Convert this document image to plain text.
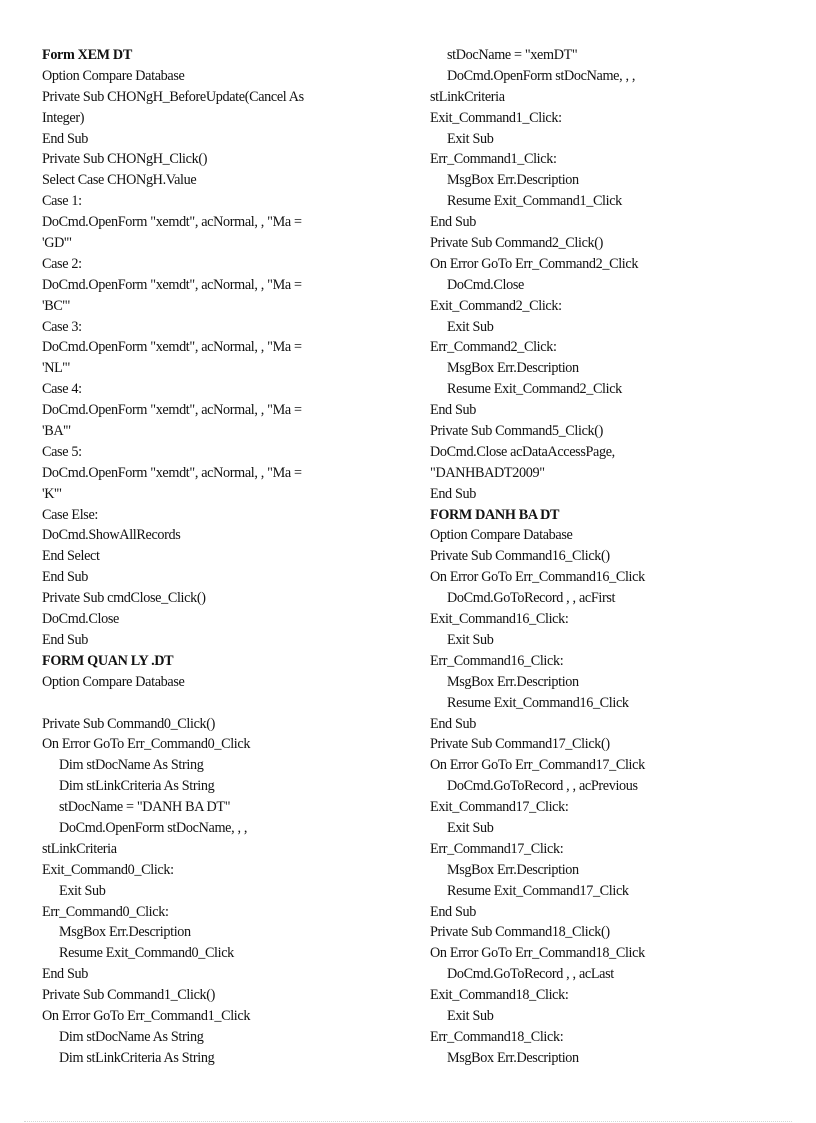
Form XEM DT
Option Compare Database
Private Sub CHONgH_BeforeUpdate(Cancel As
Integer)
End Sub
Private Sub CHONgH_Click()
Select Case CHONgH.Value
Case 1:
DoCmd.OpenForm "xemdt", acNormal, , "Ma =
'GD'"
Case 2:
DoCmd.OpenForm "xemdt", acNormal, , "Ma =
'BC'"
Case 3:
DoCmd.OpenForm "xemdt", acNormal, , "Ma =
'NL'"
Case 4:
DoCmd.OpenForm "xemdt", acNormal, , "Ma =
'BA'"
Case 5:
DoCmd.OpenForm "xemdt", acNormal, , "Ma =
'K'"
Case Else:
DoCmd.ShowAllRecords
End Select
End Sub
Private Sub cmdClose_Click()
DoCmd.Close
End Sub
FORM QUAN LY .DT
Option Compare Database
Private Sub Command0_Click()
On Error GoTo Err_Command0_Click
Dim stDocName As String
Dim stLinkCriteria As String
stDocName = "DANH BA DT"
DoCmd.OpenForm stDocName, , ,
stLinkCriteria
Exit_Command0_Click:
Exit Sub
Err_Command0_Click:
MsgBox Err.Description
Resume Exit_Command0_Click
End Sub
Private Sub Command1_Click()
On Error GoTo Err_Command1_Click
Dim stDocName As String
Dim stLinkCriteria As String
stDocName = "xemDT"
DoCmd.OpenForm stDocName, , ,
stLinkCriteria
Exit_Command1_Click:
Exit Sub
Err_Command1_Click:
MsgBox Err.Description
Resume Exit_Command1_Click
End Sub
Private Sub Command2_Click()
On Error GoTo Err_Command2_Click
DoCmd.Close
Exit_Command2_Click:
Exit Sub
Err_Command2_Click:
MsgBox Err.Description
Resume Exit_Command2_Click
End Sub
Private Sub Command5_Click()
DoCmd.Close acDataAccessPage,
"DANHBADT2009"
End Sub
FORM DANH BA DT
Option Compare Database
Private Sub Command16_Click()
On Error GoTo Err_Command16_Click
DoCmd.GoToRecord , , acFirst
Exit_Command16_Click:
Exit Sub
Err_Command16_Click:
MsgBox Err.Description
Resume Exit_Command16_Click
End Sub
Private Sub Command17_Click()
On Error GoTo Err_Command17_Click
DoCmd.GoToRecord , , acPrevious
Exit_Command17_Click:
Exit Sub
Err_Command17_Click:
MsgBox Err.Description
Resume Exit_Command17_Click
End Sub
Private Sub Command18_Click()
On Error GoTo Err_Command18_Click
DoCmd.GoToRecord , , acLast
Exit_Command18_Click:
Exit Sub
Err_Command18_Click:
MsgBox Err.Description
